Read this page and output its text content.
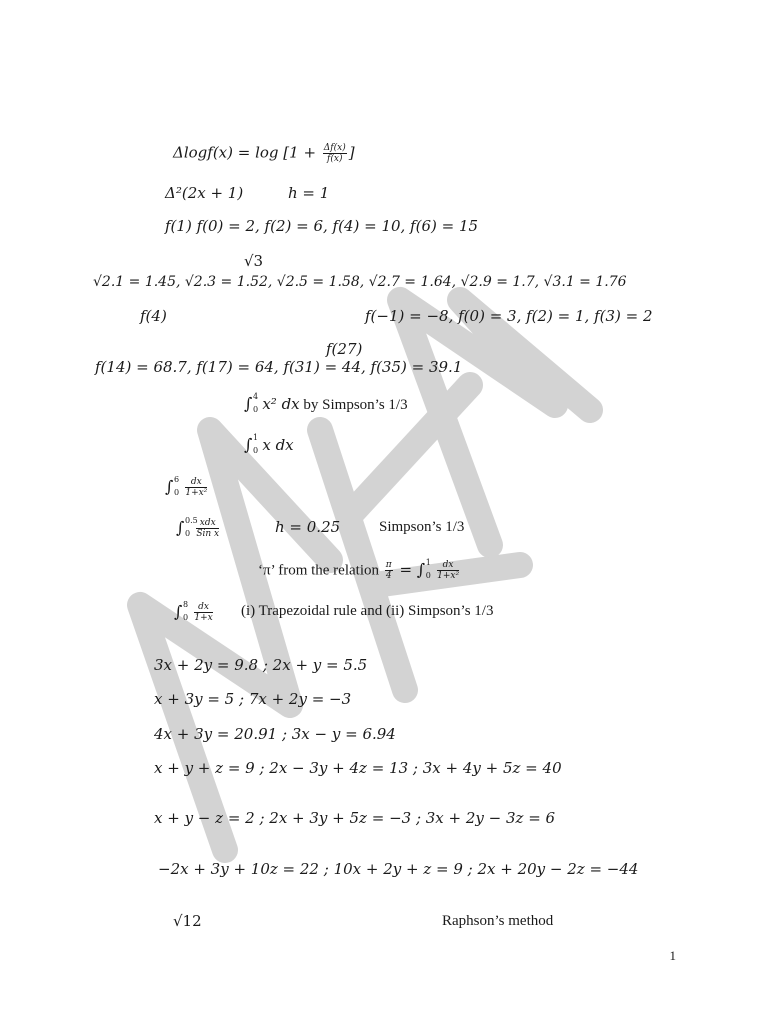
$\Delta\log f(x) = \log [1 + \frac{\Delta f(x)}{f(x)}$ ]
Δ²(2x + 1)	h = 1
f(1) f(0) = 2, f(2) = 6, f(4) = 10, f(6) = 15
√3
√2.1 = 1.45, √2.3 = 1.52, √2.5 = 1.58, √2.7 = 1.64, √2.9 = 1.7, √3.1 = 1.76
f(4)	f(−1) = −8, f(0) = 3, f(2) = 1, f(3) = 2
f(27)
f(14) = 68.7, f(17) = 64, f(31) = 44, f(35) = 39.1
∫ 4
0 x² dx by Simpson’s 1/3
∫ 1
0 x dx
∫ 6
$0 \frac{dx}{\text{1+x²}}$
∫ 0.5
$0 \frac{\text{xdx}}{\text{Sin x}}$	h = 0.25	Simpson’s 1/3
‘π’ from the relation $\frac{\pi}{4}$ = ∫ 1
$0 \frac{dx}{\text{1+x²}}$
∫ 8
$0 \frac{dx}{1+x} (i)$ Trapezoidal rule and (ii) Simpson’s 1/3
3x + 2y = 9.8 ; 2x + y = 5.5
x + 3y = 5 ; 7x + 2y = −3
4x + 3y = 20.91 ; 3x − y = 6.94
x + y + z = 9 ; 2x − 3y + 4z = 13 ; 3x + 4y + 5z = 40
x + y − z = 2 ; 2x + 3y + 5z = −3 ; 3x + 2y − 3z = 6
−2x + 3y + 10z = 22 ; 10x + 2y + z = 9 ; 2x + 20y − 2z = −44
√12	Raphson’s method
1
